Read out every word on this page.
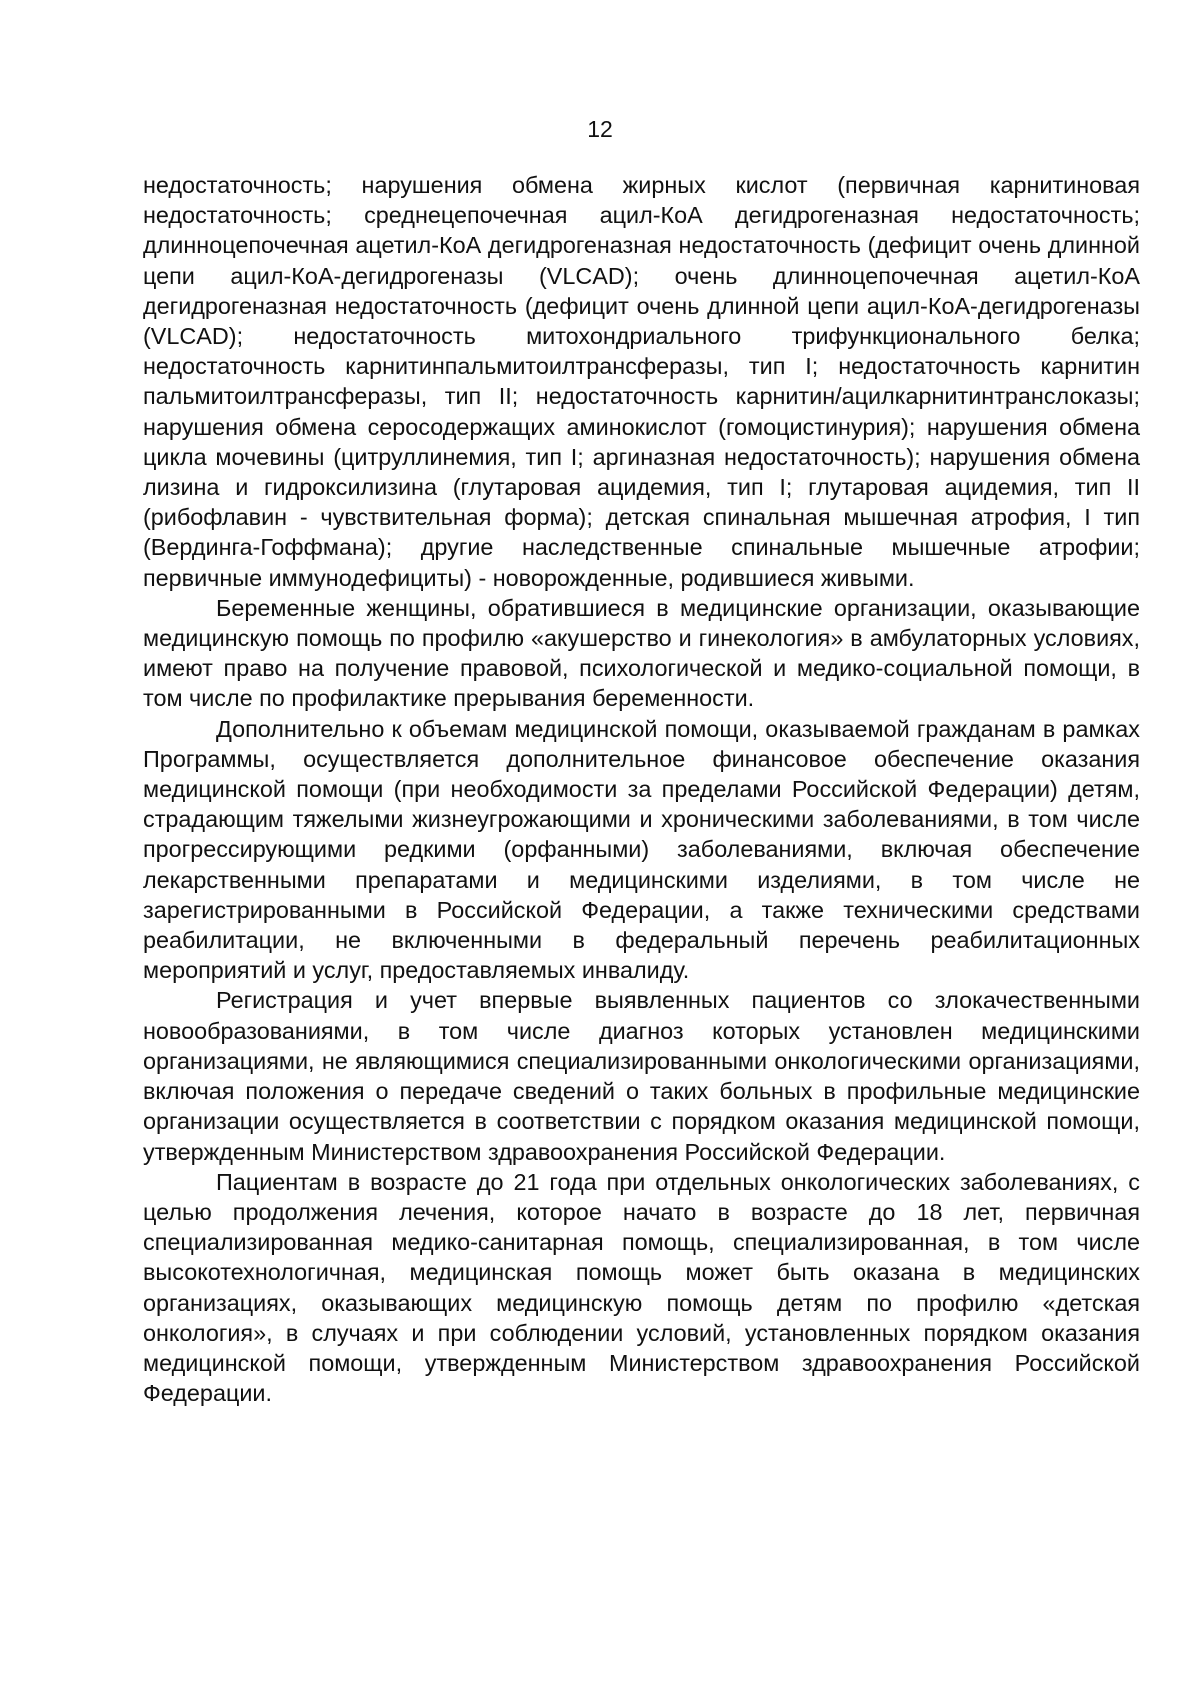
12

недостаточность; нарушения обмена жирных кислот (первичная карнитиновая недостаточность; среднецепочечная ацил-КоА дегидрогеназная недостаточность; длинноцепочечная ацетил-КоА дегидрогеназная недостаточность (дефицит очень длинной цепи ацил-КоА-дегидрогеназы (VLCAD); очень длинноцепочечная ацетил-КоА дегидрогеназная недостаточность (дефицит очень длинной цепи ацил-КоА-дегидрогеназы (VLCAD); недостаточность митохондриального трифункционального белка; недостаточность карнитинпальмитоилтрансферазы, тип I; недостаточность карнитин пальмитоилтрансферазы, тип II; недостаточность карнитин/ацилкарнитинтранслоказы; нарушения обмена серосодержащих аминокислот (гомоцистинурия); нарушения обмена цикла мочевины (цитруллинемия, тип I; аргиназная недостаточность); нарушения обмена лизина и гидроксилизина (глутаровая ацидемия, тип I; глутаровая ацидемия, тип II (рибофлавин - чувствительная форма); детская спинальная мышечная атрофия, I тип (Вердинга-Гоффмана); другие наследственные спинальные мышечные атрофии; первичные иммунодефициты) - новорожденные, родившиеся живыми.

Беременные женщины, обратившиеся в медицинские организации, оказывающие медицинскую помощь по профилю «акушерство и гинекология» в амбулаторных условиях, имеют право на получение правовой, психологической и медико-социальной помощи, в том числе по профилактике прерывания беременности.

Дополнительно к объемам медицинской помощи, оказываемой гражданам в рамках Программы, осуществляется дополнительное финансовое обеспечение оказания медицинской помощи (при необходимости за пределами Российской Федерации) детям, страдающим тяжелыми жизнеугрожающими и хроническими заболеваниями, в том числе прогрессирующими редкими (орфанными) заболеваниями, включая обеспечение лекарственными препаратами и медицинскими изделиями, в том числе не зарегистрированными в Российской Федерации, а также техническими средствами реабилитации, не включенными в федеральный перечень реабилитационных мероприятий и услуг, предоставляемых инвалиду.

Регистрация и учет впервые выявленных пациентов со злокачественными новообразованиями, в том числе диагноз которых установлен медицинскими организациями, не являющимися специализированными онкологическими организациями, включая положения о передаче сведений о таких больных в профильные медицинские организации осуществляется в соответствии с порядком оказания медицинской помощи, утвержденным Министерством здравоохранения Российской Федерации.

Пациентам в возрасте до 21 года при отдельных онкологических заболеваниях, с целью продолжения лечения, которое начато в возрасте до 18 лет, первичная специализированная медико-санитарная помощь, специализированная, в том числе высокотехнологичная, медицинская помощь может быть оказана в медицинских организациях, оказывающих медицинскую помощь детям по профилю «детская онкология», в случаях и при соблюдении условий, установленных порядком оказания медицинской помощи, утвержденным Министерством здравоохранения Российской Федерации.
